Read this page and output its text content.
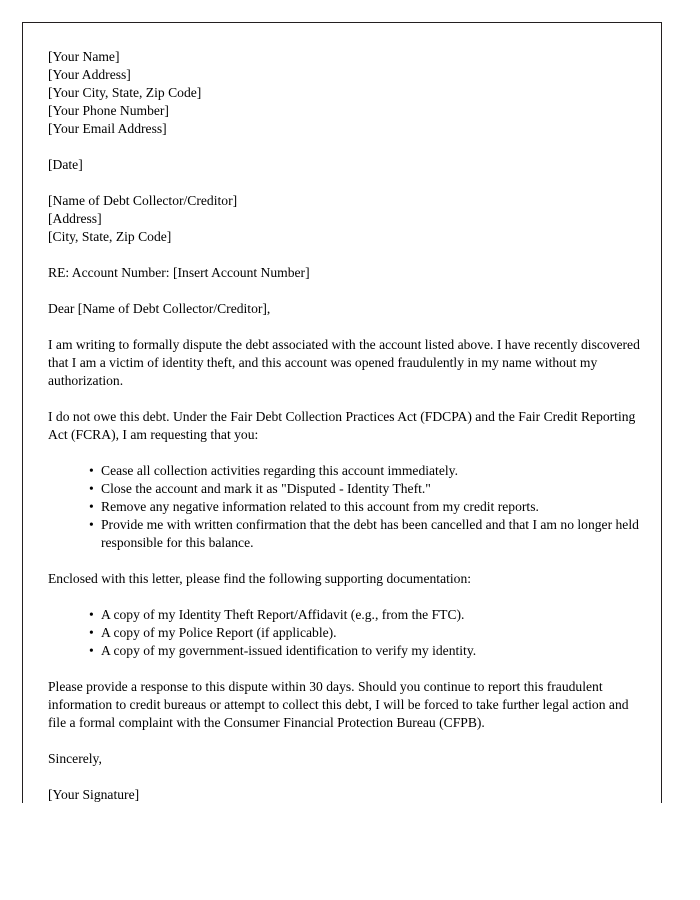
[Your Name]
[Your Address]
[Your City, State, Zip Code]
[Your Phone Number]
[Your Email Address]

[Date]

[Name of Debt Collector/Creditor]
[Address]
[City, State, Zip Code]

RE: Account Number: [Insert Account Number]

Dear [Name of Debt Collector/Creditor],

I am writing to formally dispute the debt associated with the account listed above. I have recently discovered that I am a victim of identity theft, and this account was opened fraudulently in my name without my authorization.

I do not owe this debt. Under the Fair Debt Collection Practices Act (FDCPA) and the Fair Credit Reporting Act (FCRA), I am requesting that you:

• Cease all collection activities regarding this account immediately.
• Close the account and mark it as "Disputed - Identity Theft."
• Remove any negative information related to this account from my credit reports.
• Provide me with written confirmation that the debt has been cancelled and that I am no longer held responsible for this balance.

Enclosed with this letter, please find the following supporting documentation:

• A copy of my Identity Theft Report/Affidavit (e.g., from the FTC).
• A copy of my Police Report (if applicable).
• A copy of my government-issued identification to verify my identity.

Please provide a response to this dispute within 30 days. Should you continue to report this fraudulent information to credit bureaus or attempt to collect this debt, I will be forced to take further legal action and file a formal complaint with the Consumer Financial Protection Bureau (CFPB).

Sincerely,

[Your Signature]
